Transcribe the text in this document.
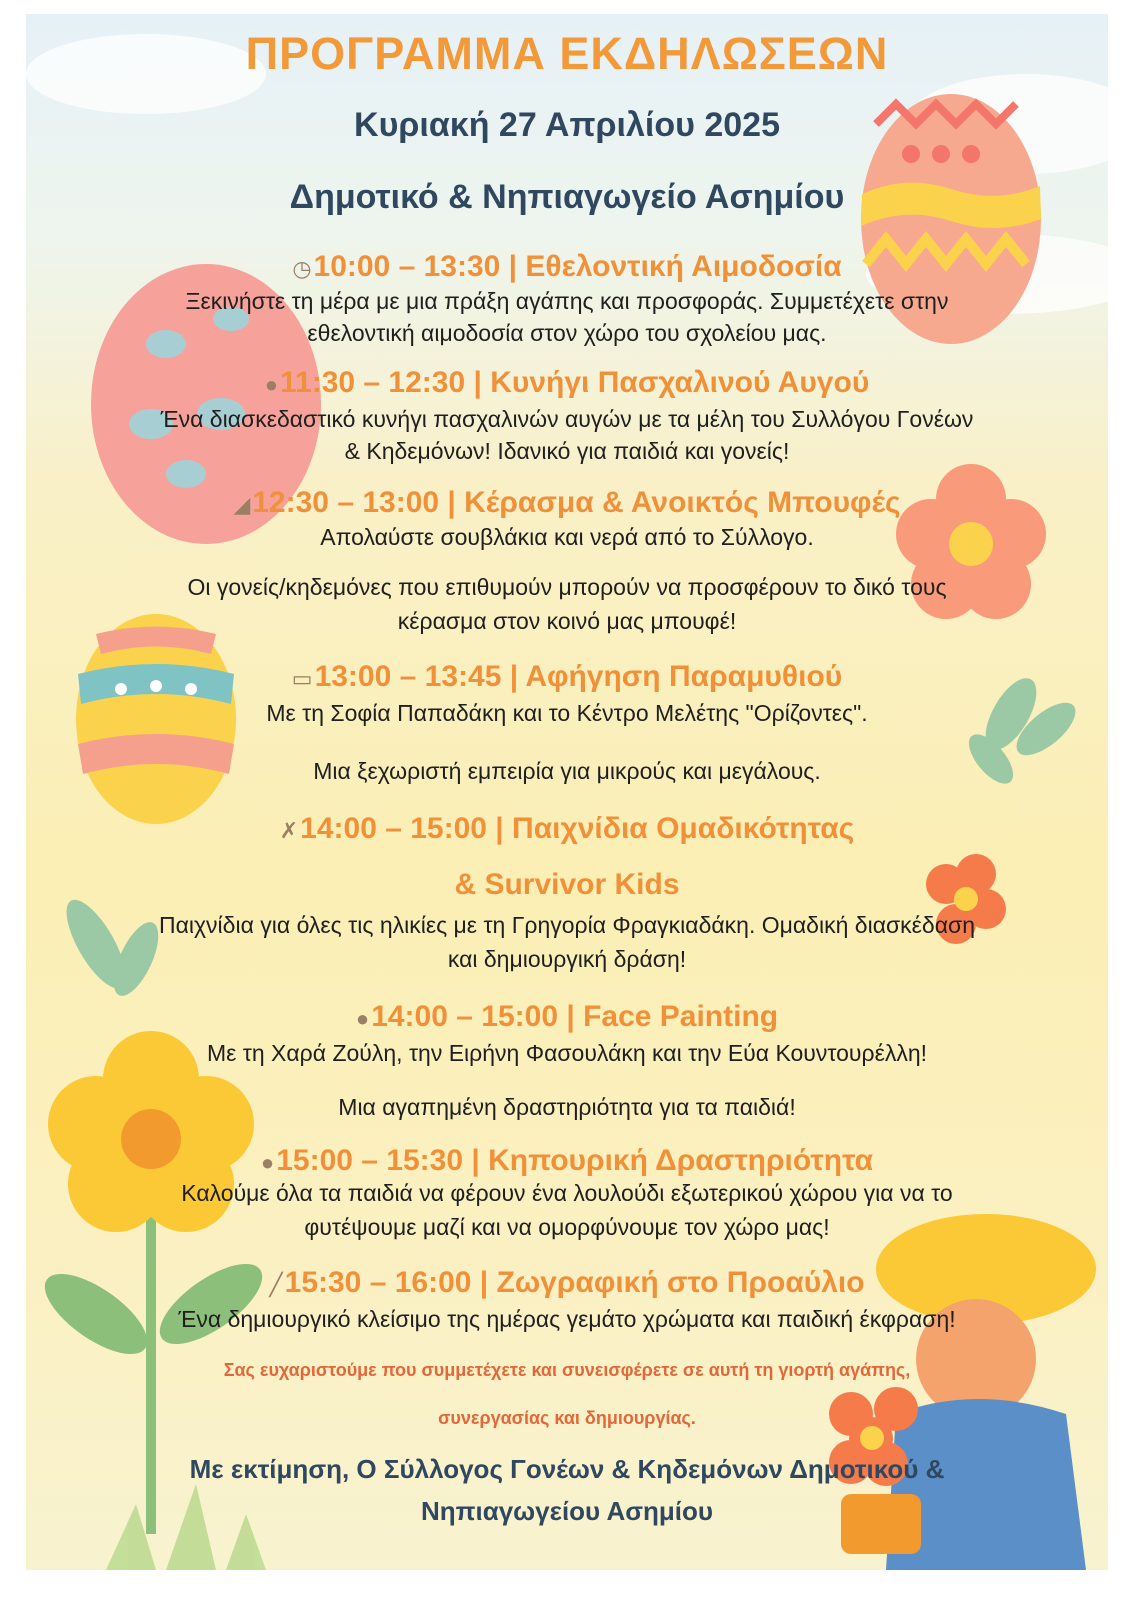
ΠΡΟΓΡΑΜΜΑ ΕΚΔΗΛΩΣΕΩΝ
Κυριακή 27 Απριλίου 2025
Δημοτικό & Νηπιαγωγείο Ασημίου
◷10:00 – 13:30 | Εθελοντική Αιμοδοσία
Ξεκινήστε τη μέρα με μια πράξη αγάπης και προσφοράς. Συμμετέχετε στην
εθελοντική αιμοδοσία στον χώρο του σχολείου μας.
●11:30 – 12:30 | Κυνήγι Πασχαλινού Αυγού
Ένα διασκεδαστικό κυνήγι πασχαλινών αυγών με τα μέλη του Συλλόγου Γονέων
& Κηδεμόνων! Ιδανικό για παιδιά και γονείς!
◢12:30 – 13:00 | Κέρασμα & Ανοικτός Μπουφές
Απολαύστε σουβλάκια και νερά από το Σύλλογο.
Οι γονείς/κηδεμόνες που επιθυμούν μπορούν να προσφέρουν το δικό τους
κέρασμα στον κοινό μας μπουφέ!
▭13:00 – 13:45 | Αφήγηση Παραμυθιού
Με τη Σοφία Παπαδάκη και το Κέντρο Μελέτης "Ορίζοντες".
Μια ξεχωριστή εμπειρία για μικρούς και μεγάλους.
✗14:00 – 15:00 | Παιχνίδια Ομαδικότητας
& Survivor Kids
Παιχνίδια για όλες τις ηλικίες με τη Γρηγορία Φραγκιαδάκη. Ομαδική διασκέδαση
και δημιουργική δράση!
●14:00 – 15:00 | Face Painting
Με τη Χαρά Ζούλη, την Ειρήνη Φασουλάκη και την Εύα Κουντουρέλλη!
Μια αγαπημένη δραστηριότητα για τα παιδιά!
●15:00 – 15:30 | Κηπουρική Δραστηριότητα
Καλούμε όλα τα παιδιά να φέρουν ένα λουλούδι εξωτερικού χώρου για να το
φυτέψουμε μαζί και να ομορφύνουμε τον χώρο μας!
╱15:30 – 16:00 | Ζωγραφική στο Προαύλιο
Ένα δημιουργικό κλείσιμο της ημέρας γεμάτο χρώματα και παιδική έκφραση!
Σας ευχαριστούμε που συμμετέχετε και συνεισφέρετε σε αυτή τη γιορτή αγάπης,
συνεργασίας και δημιουργίας.
Με εκτίμηση, Ο Σύλλογος Γονέων & Κηδεμόνων Δημοτικού &
Νηπιαγωγείου Ασημίου
